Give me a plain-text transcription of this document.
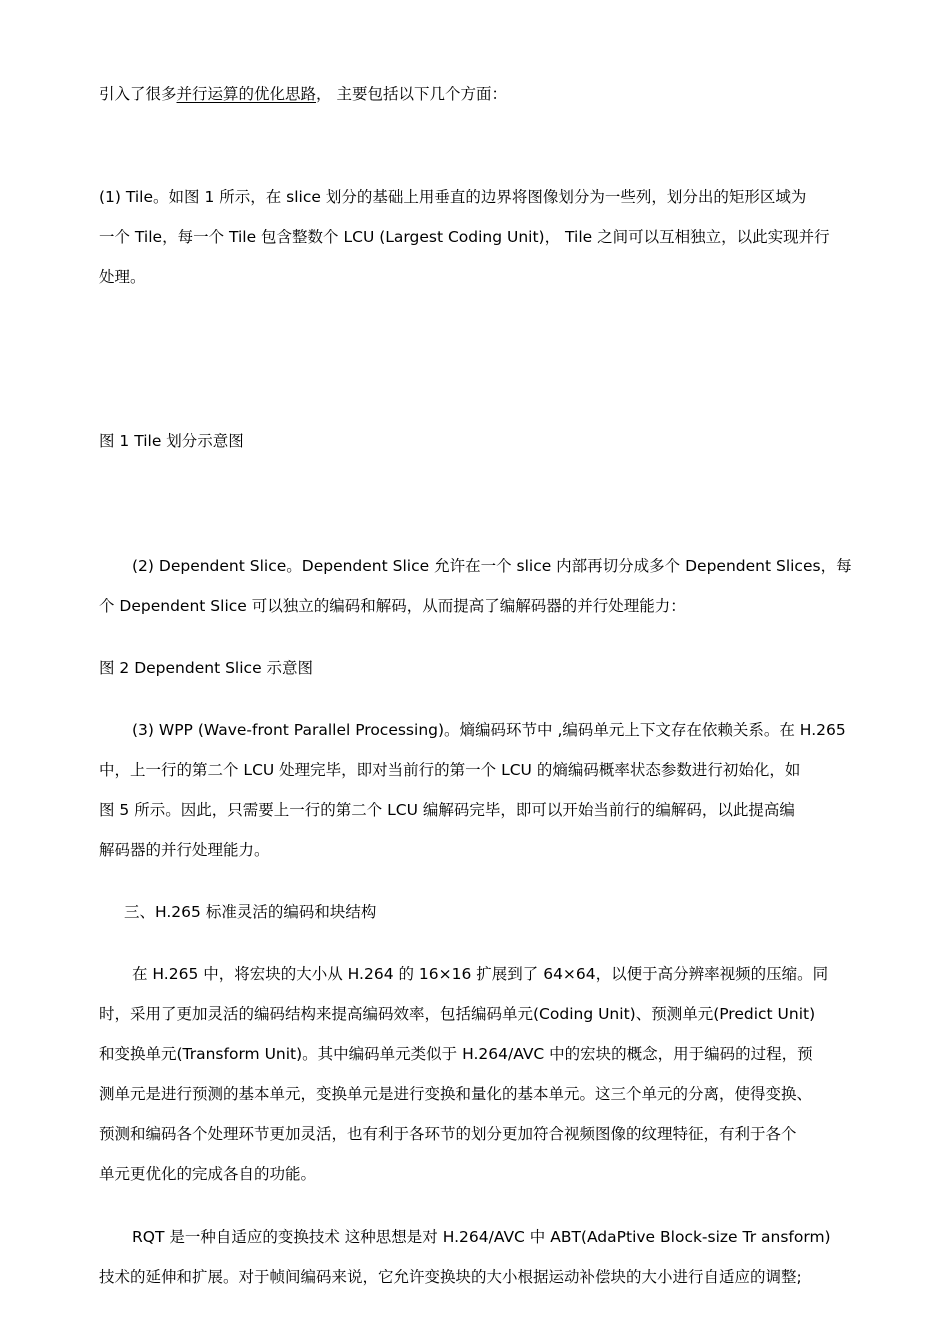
引入了很多并行运算的优化思路， 主要包括以下几个方面：
(1) Tile。如图 1 所示，在 slice 划分的基础上用垂直的边界将图像划分为一些列，划分出的矩形区域为
一个 Tile，每一个 Tile 包含整数个 LCU (Largest Coding Unit)， Tile 之间可以互相独立，以此实现并行
处理。
图 1 Tile 划分示意图
(2) Dependent Slice。Dependent Slice 允许在一个 slice 内部再切分成多个 Dependent Slices，每
个 Dependent Slice 可以独立的编码和解码，从而提高了编解码器的并行处理能力：
图 2 Dependent Slice 示意图
(3) WPP (Wave-front Parallel Processing)。熵编码环节中 ,编码单元上下文存在依赖关系。在 H.265
中，上一行的第二个 LCU 处理完毕，即对当前行的第一个 LCU 的熵编码概率状态参数进行初始化，如
图 5 所示。因此，只需要上一行的第二个 LCU 编解码完毕，即可以开始当前行的编解码，以此提高编
解码器的并行处理能力。
三、H.265 标准灵活的编码和块结构
在 H.265 中，将宏块的大小从 H.264 的 16×16 扩展到了 64×64，以便于高分辨率视频的压缩。同
时，采用了更加灵活的编码结构来提高编码效率，包括编码单元(Coding Unit)、预测单元(Predict Unit)
和变换单元(Transform Unit)。其中编码单元类似于 H.264/AVC 中的宏块的概念，用于编码的过程，预
测单元是进行预测的基本单元，变换单元是进行变换和量化的基本单元。这三个单元的分离，使得变换、
预测和编码各个处理环节更加灵活，也有利于各环节的划分更加符合视频图像的纹理特征，有利于各个
单元更优化的完成各自的功能。
RQT 是一种自适应的变换技术 这种思想是对 H.264/AVC 中 ABT(AdaPtive Block-size Tr ansform)
技术的延伸和扩展。对于帧间编码来说，它允许变换块的大小根据运动补偿块的大小进行自适应的调整;
